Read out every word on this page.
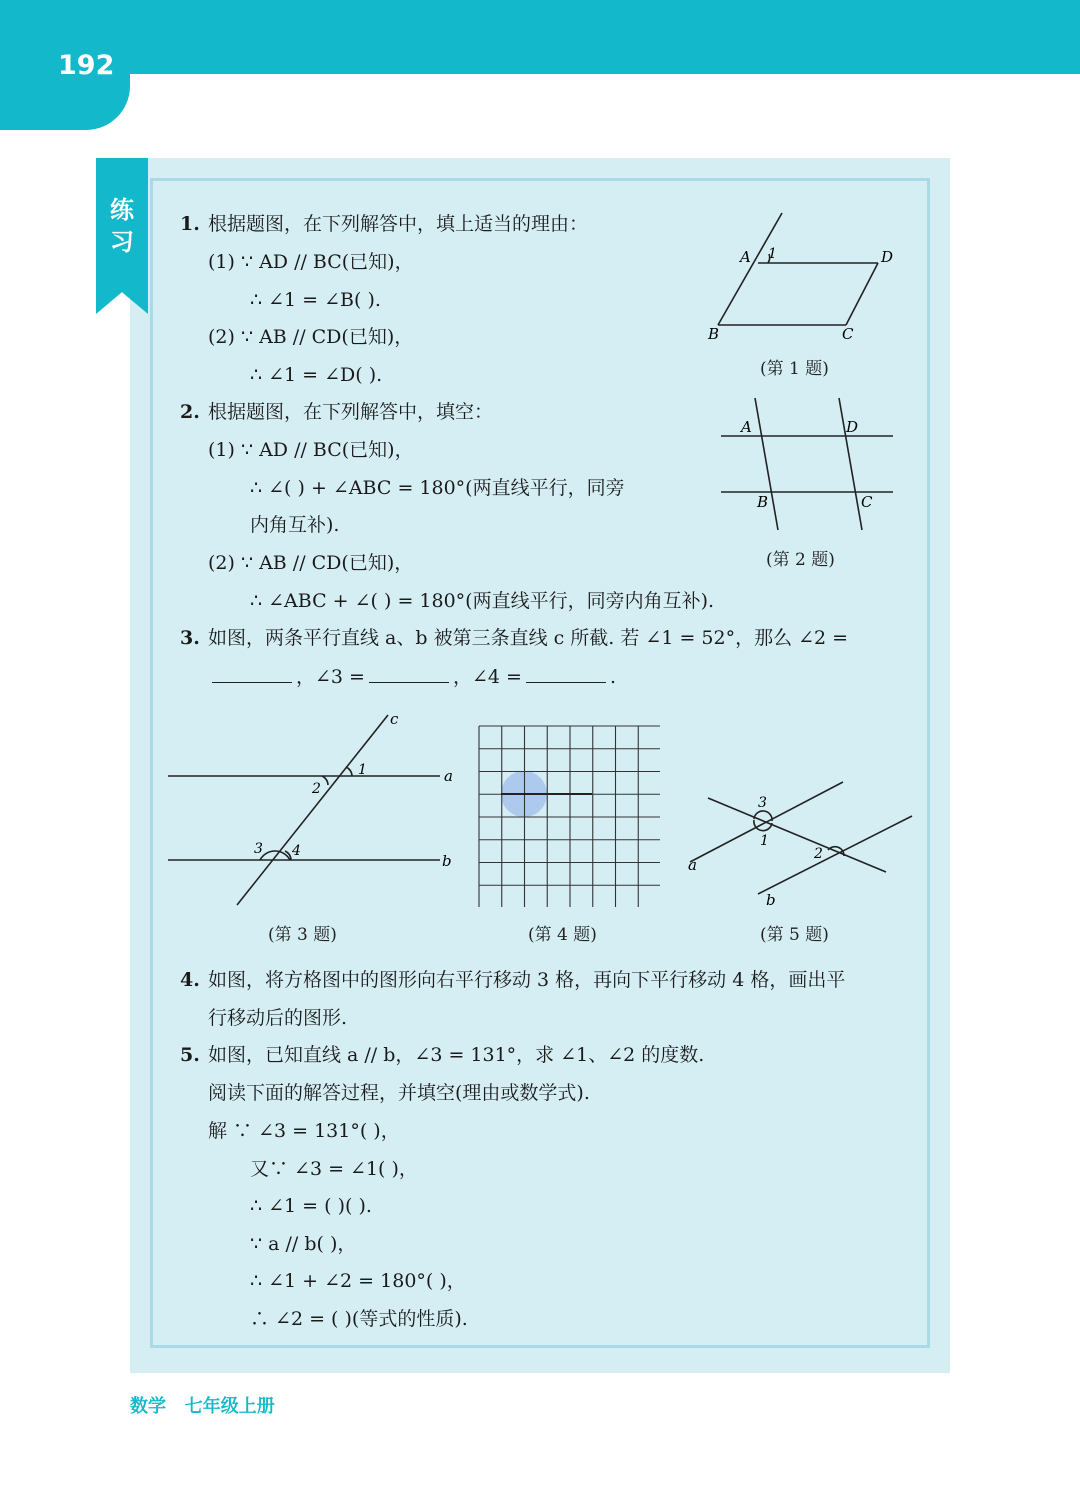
192
练
习
1. 根据题图，在下列解答中，填上适当的理由：
(1) ∵ AD // BC(已知)，
∴ ∠1 = ∠B( ).
(2) ∵ AB // CD(已知)，
∴ ∠1 = ∠D( ).
A 1	D
B	C
(第 1 题)
2. 根据题图，在下列解答中，填空：
(1) ∵ AD // BC(已知)，
∴ ∠( ) + ∠ABC = 180°(两直线平行，同旁
内角互补).
(2) ∵ AB // CD(已知)，
∴ ∠ABC + ∠( ) = 180°(两直线平行，同旁内角互补).
A	D
B	C
(第 2 题)
3. 如图，两条平行直线 a、b 被第三条直线 c 所截. 若 ∠1 = 52°，那么 ∠2 =
，∠3 =	，∠4 =	.
a
b
c
1
2
3 4
(第 3 题)	(第 4 题)
3
1
2
a
b
(第 5 题)
4. 如图，将方格图中的图形向右平行移动 3 格，再向下平行移动 4 格，画出平
行移动后的图形.
5. 如图，已知直线 a // b，∠3 = 131°，求 ∠1、∠2 的度数.
阅读下面的解答过程，并填空(理由或数学式).
解 ∵ ∠3 = 131°( )，
又∵ ∠3 = ∠1( )，
∴ ∠1 = ( )( ).
∵ a // b( )，
∴ ∠1 + ∠2 = 180°( )，
∴ ∠2 = ( )(等式的性质).
数学   七年级上册
